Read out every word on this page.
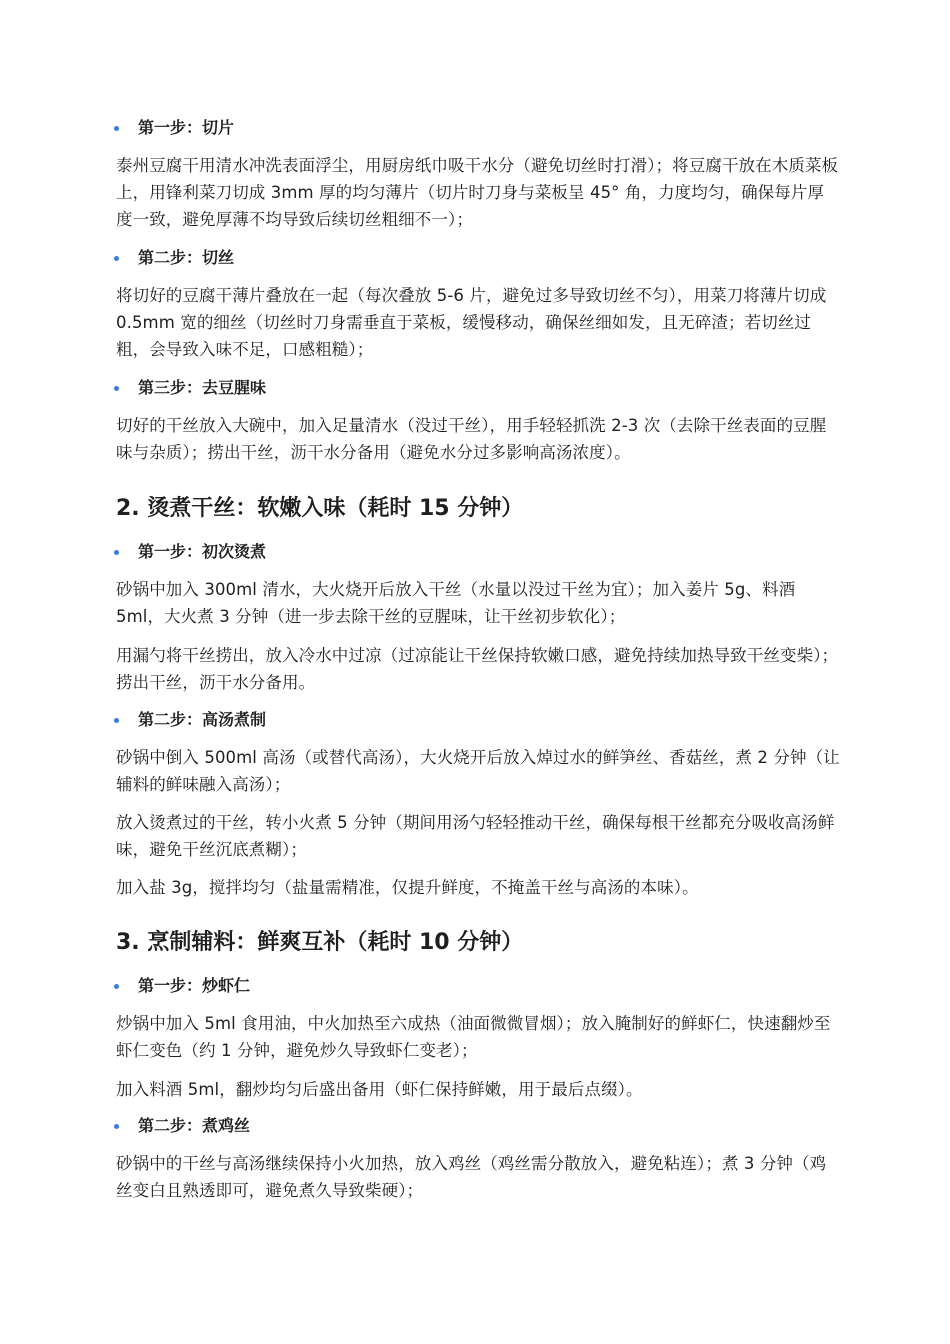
第一步：切片

泰州豆腐干用清水冲洗表面浮尘，用厨房纸巾吸干水分（避免切丝时打滑）；将豆腐干放在木质菜板上，用锋利菜刀切成 3mm 厚的均匀薄片（切片时刀身与菜板呈 45° 角，力度均匀，确保每片厚度一致，避免厚薄不均导致后续切丝粗细不一）；

第二步：切丝

将切好的豆腐干薄片叠放在一起（每次叠放 5-6 片，避免过多导致切丝不匀），用菜刀将薄片切成 0.5mm 宽的细丝（切丝时刀身需垂直于菜板，缓慢移动，确保丝细如发，且无碎渣；若切丝过粗，会导致入味不足，口感粗糙）；

第三步：去豆腥味

切好的干丝放入大碗中，加入足量清水（没过干丝），用手轻轻抓洗 2-3 次（去除干丝表面的豆腥味与杂质）；捞出干丝，沥干水分备用（避免水分过多影响高汤浓度）。

2. 烫煮干丝：软嫩入味（耗时 15 分钟）
第一步：初次烫煮

砂锅中加入 300ml 清水，大火烧开后放入干丝（水量以没过干丝为宜）；加入姜片 5g、料酒 5ml，大火煮 3 分钟（进一步去除干丝的豆腥味，让干丝初步软化）；

用漏勺将干丝捞出，放入冷水中过凉（过凉能让干丝保持软嫩口感，避免持续加热导致干丝变柴）；捞出干丝，沥干水分备用。

第二步：高汤煮制

砂锅中倒入 500ml 高汤（或替代高汤），大火烧开后放入焯过水的鲜笋丝、香菇丝，煮 2 分钟（让辅料的鲜味融入高汤）；

放入烫煮过的干丝，转小火煮 5 分钟（期间用汤勺轻轻推动干丝，确保每根干丝都充分吸收高汤鲜味，避免干丝沉底煮糊）；

加入盐 3g，搅拌均匀（盐量需精准，仅提升鲜度，不掩盖干丝与高汤的本味）。

3. 烹制辅料：鲜爽互补（耗时 10 分钟）
第一步：炒虾仁

炒锅中加入 5ml 食用油，中火加热至六成热（油面微微冒烟）；放入腌制好的鲜虾仁，快速翻炒至虾仁变色（约 1 分钟，避免炒久导致虾仁变老）；

加入料酒 5ml，翻炒均匀后盛出备用（虾仁保持鲜嫩，用于最后点缀）。

第二步：煮鸡丝

砂锅中的干丝与高汤继续保持小火加热，放入鸡丝（鸡丝需分散放入，避免粘连）；煮 3 分钟（鸡丝变白且熟透即可，避免煮久导致柴硬）；
